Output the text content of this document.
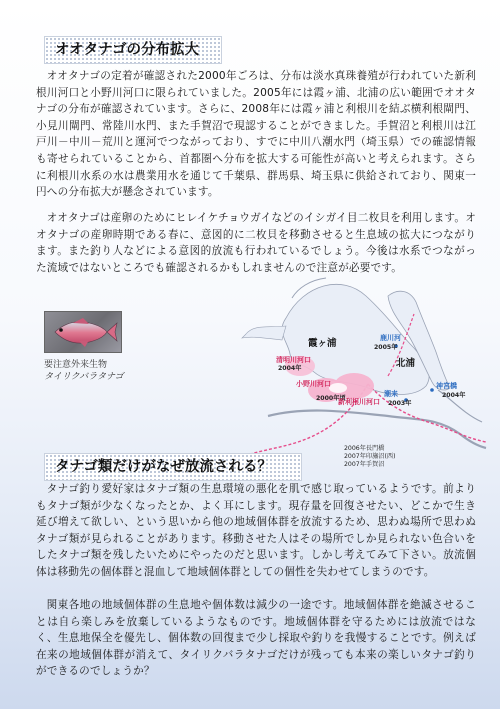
オオタナゴの分布拡大

オオタナゴの定着が確認された2000年ごろは、分布は淡水真珠養殖が行われていた新利根川河口と小野川河口に限られていました。2005年には霞ヶ浦、北浦の広い範囲でオオタナゴの分布が確認されています。さらに、2008年には霞ヶ浦と利根川を結ぶ横利根閘門、小見川閘門、常陸川水門、また手賀沼で現認することができました。手賀沼と利根川は江戸川－中川－荒川と運河でつながっており、すでに中川八潮水門（埼玉県）での確認情報も寄せられていることから、首都圏へ分布を拡大する可能性が高いと考えられます。さらに利根川水系の水は農業用水を通じて千葉県、群馬県、埼玉県に供給されており、関東一円への分布拡大が懸念されています。

オオタナゴは産卵のためにヒレイケチョウガイなどのイシガイ目二枚貝を利用します。オオタナゴの産卵時期である春に、意図的に二枚貝を移動させると生息域の拡大につながります。また釣り人などによる意図的放流も行われているでしょう。今後は水系でつながった流域ではないところでも確認されるかもしれませんので注意が必要です。

要注意外来生物
タイリクバラタナゴ
霞ヶ浦
北浦
清明川河口
2004年
小野川河口
2000年頃
新利根川河口
鹿川河
2005年
神宮橋
2004年
潮来
2003年
2006年長門橋
2007年印旛沼(西)
2007年手賀沼
タナゴ類だけがなぜ放流される？

タナゴ釣り愛好家はタナゴ類の生息環境の悪化を肌で感じ取っているようです。前よりもタナゴ類が少なくなったとか、よく耳にします。現存量を回復させたい、どこかで生き延び増えて欲しい、という思いから他の地域個体群を放流するため、思わぬ場所で思わぬタナゴ類が見られることがあります。移動させた人はその場所でしか見られない色合いをしたタナゴ類を残したいためにやったのだと思います。しかし考えてみて下さい。放流個体は移動先の個体群と混血して地域個体群としての個性を失わせてしまうのです。

関東各地の地域個体群の生息地や個体数は減少の一途です。地域個体群を絶滅させることは自ら楽しみを放棄しているようなものです。地域個体群を守るためには放流ではなく、生息地保全を優先し、個体数の回復まで少し採取や釣りを我慢することです。例えば在来の地域個体群が消えて、タイリクバラタナゴだけが残っても本来の楽しいタナゴ釣りができるのでしょうか？
